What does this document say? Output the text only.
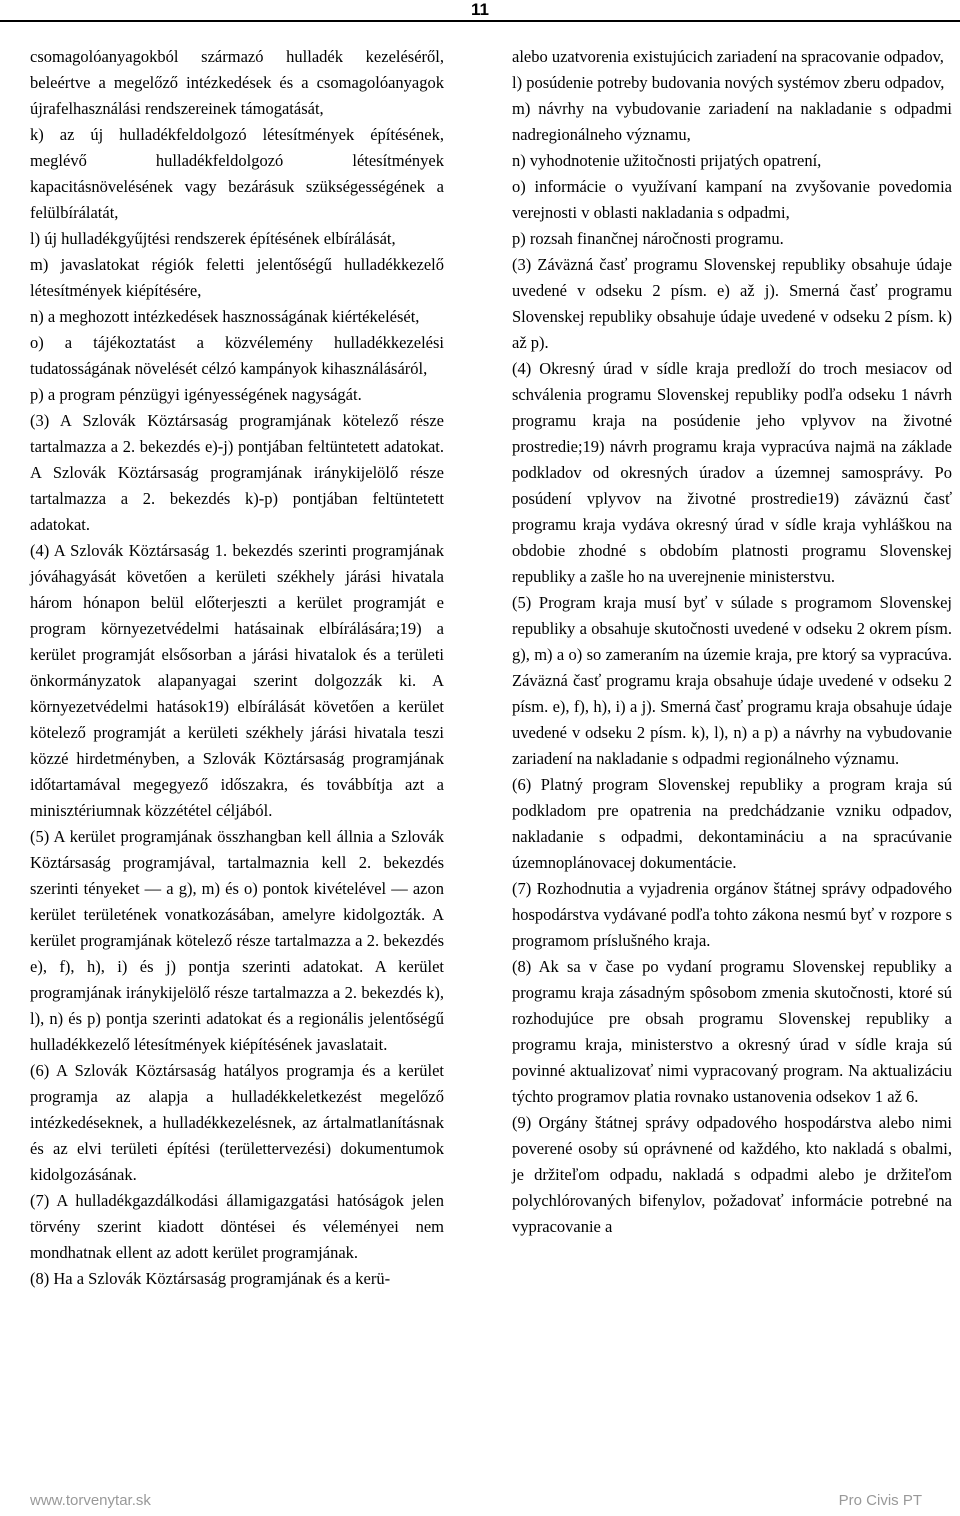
11

csomagolóanyagokból származó hulladék kezeléséről, beleértve a megelőző intézkedések és a csomagolóanyagok újrafelhasználási rendszereinek támogatását,

k) az új hulladékfeldolgozó létesítmények építésének, meglévő hulladékfeldolgozó létesítmények kapacitásnövelésének vagy bezárásuk szükségességének a felülbírálatát,

l) új hulladékgyűjtési rendszerek építésének elbírálását,

m) javaslatokat régiók feletti jelentőségű hulladékkezelő létesítmények kiépítésére,

n) a meghozott intézkedések hasznosságának kiértékelését,

o) a tájékoztatást a közvélemény hulladékkezelési tudatosságának növelését célzó kampányok kihasználásáról,

p) a program pénzügyi igényességének nagyságát.

(3) A Szlovák Köztársaság programjának kötelező része tartalmazza a 2. bekezdés e)-j) pontjában feltüntetett adatokat. A Szlovák Köztársaság programjának iránykijelölő része tartalmazza a 2. bekezdés k)-p) pontjában feltüntetett adatokat.

(4) A Szlovák Köztársaság 1. bekezdés szerinti programjának jóváhagyását követően a kerületi székhely járási hivatala három hónapon belül előterjeszti a kerület programját e program környezetvédelmi hatásainak elbírálására;19) a kerület programját elsősorban a járási hivatalok és a területi önkormányzatok alapanyagai szerint dolgozzák ki. A környezetvédelmi hatások19) elbírálását követően a kerület kötelező programját a kerületi székhely járási hivatala teszi közzé hirdetményben, a Szlovák Köztársaság programjának időtartamával megegyező időszakra, és továbbítja azt a minisztériumnak közzététel céljából.

(5) A kerület programjának összhangban kell állnia a Szlovák Köztársaság programjával, tartalmaznia kell 2. bekezdés szerinti tényeket — a g), m) és o) pontok kivételével — azon kerület területének vonatkozásában, amelyre kidolgozták. A kerület programjának kötelező része tartalmazza a 2. bekezdés e), f), h), i) és j) pontja szerinti adatokat. A kerület programjának iránykijelölő része tartalmazza a 2. bekezdés k), l), n) és p) pontja szerinti adatokat és a regionális jelentőségű hulladékkezelő létesítmények kiépítésének javaslatait.

(6) A Szlovák Köztársaság hatályos programja és a kerület programja az alapja a hulladékkeletkezést megelőző intézkedéseknek, a hulladékkezelésnek, az ártalmatlanításnak és az elvi területi építési (területtervezési) dokumentumok kidolgozásának.

(7) A hulladékgazdálkodási államigazgatási hatóságok jelen törvény szerint kiadott döntései és véleményei nem mondhatnak ellent az adott kerület programjának.

(8) Ha a Szlovák Köztársaság programjának és a kerü-

alebo uzatvorenia existujúcich zariadení na spracovanie odpadov,

l) posúdenie potreby budovania nových systémov zberu odpadov,

m) návrhy na vybudovanie zariadení na nakladanie s odpadmi nadregionálneho významu,

n) vyhodnotenie užitočnosti prijatých opatrení,

o) informácie o využívaní kampaní na zvyšovanie povedomia verejnosti v oblasti nakladania s odpadmi,

p) rozsah finančnej náročnosti programu.

(3) Záväzná časť programu Slovenskej republiky obsahuje údaje uvedené v odseku 2 písm. e) až j). Smerná časť programu Slovenskej republiky obsahuje údaje uvedené v odseku 2 písm. k) až p).

(4) Okresný úrad v sídle kraja predloží do troch mesiacov od schválenia programu Slovenskej republiky podľa odseku 1 návrh programu kraja na posúdenie jeho vplyvov na životné prostredie;19) návrh programu kraja vypracúva najmä na základe podkladov od okresných úradov a územnej samosprávy. Po posúdení vplyvov na životné prostredie19) záväznú časť programu kraja vydáva okresný úrad v sídle kraja vyhláškou na obdobie zhodné s obdobím platnosti programu Slovenskej republiky a zašle ho na uverejnenie ministerstvu.

(5) Program kraja musí byť v súlade s programom Slovenskej republiky a obsahuje skutočnosti uvedené v odseku 2 okrem písm. g), m) a o) so zameraním na územie kraja, pre ktorý sa vypracúva. Záväzná časť programu kraja obsahuje údaje uvedené v odseku 2 písm. e), f), h), i) a j). Smerná časť programu kraja obsahuje údaje uvedené v odseku 2 písm. k), l), n) a p) a návrhy na vybudovanie zariadení na nakladanie s odpadmi regionálneho významu.

(6) Platný program Slovenskej republiky a program kraja sú podkladom pre opatrenia na predchádzanie vzniku odpadov, nakladanie s odpadmi, dekontamináciu a na spracúvanie územnoplánovacej dokumentácie.

(7) Rozhodnutia a vyjadrenia orgánov štátnej správy odpadového hospodárstva vydávané podľa tohto zákona nesmú byť v rozpore s programom príslušného kraja.

(8) Ak sa v čase po vydaní programu Slovenskej republiky a programu kraja zásadným spôsobom zmenia skutočnosti, ktoré sú rozhodujúce pre obsah programu Slovenskej republiky a programu kraja, ministerstvo a okresný úrad v sídle kraja sú povinné aktualizovať nimi vypracovaný program. Na aktualizáciu týchto programov platia rovnako ustanovenia odsekov 1 až 6.

(9) Orgány štátnej správy odpadového hospodárstva alebo nimi poverené osoby sú oprávnené od každého, kto nakladá s obalmi, je držiteľom odpadu, nakladá s odpadmi alebo je držiteľom polychlórovaných bifenylov, požadovať informácie potrebné na vypracovanie a

www.torvenytar.sk	Pro Civis PT
